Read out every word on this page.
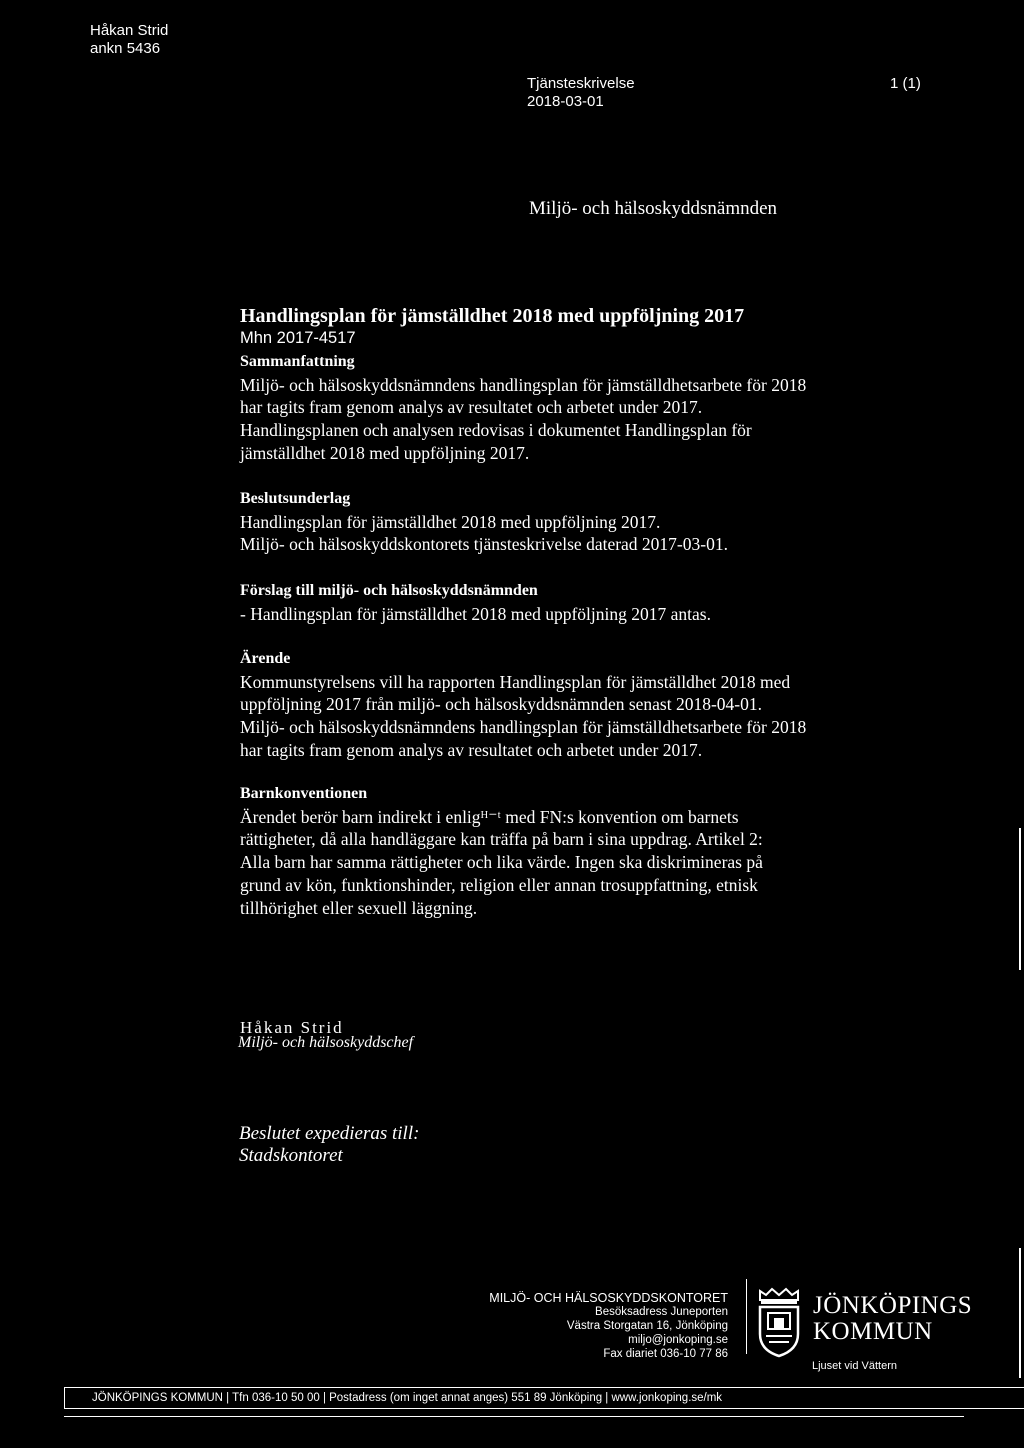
Håkan Strid
ankn 5436
Tjänsteskrivelse
2018-03-01
1 (1)
Miljö- och hälsoskyddsnämnden
Handlingsplan för jämställdhet 2018 med uppföljning 2017
Mhn 2017-4517

Sammanfattning

Miljö- och hälsoskyddsnämndens handlingsplan för jämställdhetsarbete för 2018

har tagits fram genom analys av resultatet och arbetet under 2017.

Handlingsplanen och analysen redovisas i dokumentet Handlingsplan för

jämställdhet 2018 med uppföljning 2017.

Beslutsunderlag

Handlingsplan för jämställdhet 2018 med uppföljning 2017.

Miljö- och hälsoskyddskontorets tjänsteskrivelse daterad 2017-03-01.

Förslag till miljö- och hälsoskyddsnämnden

- Handlingsplan för jämställdhet 2018 med uppföljning 2017 antas.

Ärende

Kommunstyrelsens vill ha rapporten Handlingsplan för jämställdhet 2018 med

uppföljning 2017 från miljö- och hälsoskyddsnämnden senast 2018-04-01.

Miljö- och hälsoskyddsnämndens handlingsplan för jämställdhetsarbete för 2018

har tagits fram genom analys av resultatet och arbetet under 2017.

Barnkonventionen

Ärendet berör barn indirekt i enligᴴ⁻ᵗ med FN:s konvention om barnets

rättigheter, då alla handläggare kan träffa på barn i sina uppdrag. Artikel 2:

Alla barn har samma rättigheter och lika värde. Ingen ska diskrimineras på

grund av kön, funktionshinder, religion eller annan trosuppfattning, etnisk

tillhörighet eller sexuell läggning.

Håkan Strid
Miljö- och hälsoskyddschef
Beslutet expedieras till:
Stadskontoret
MILJÖ- OCH HÄLSOSKYDDSKONTORET
Besöksadress Juneporten
Västra Storgatan 16, Jönköping
miljo@jonkoping.se
Fax diariet 036-10 77 86
JÖNKÖPINGS
KOMMUN
Ljuset vid Vättern
JÖNKÖPINGS KOMMUN | Tfn 036-10 50 00 | Postadress (om inget annat anges) 551 89 Jönköping | www.jonkoping.se/mk
